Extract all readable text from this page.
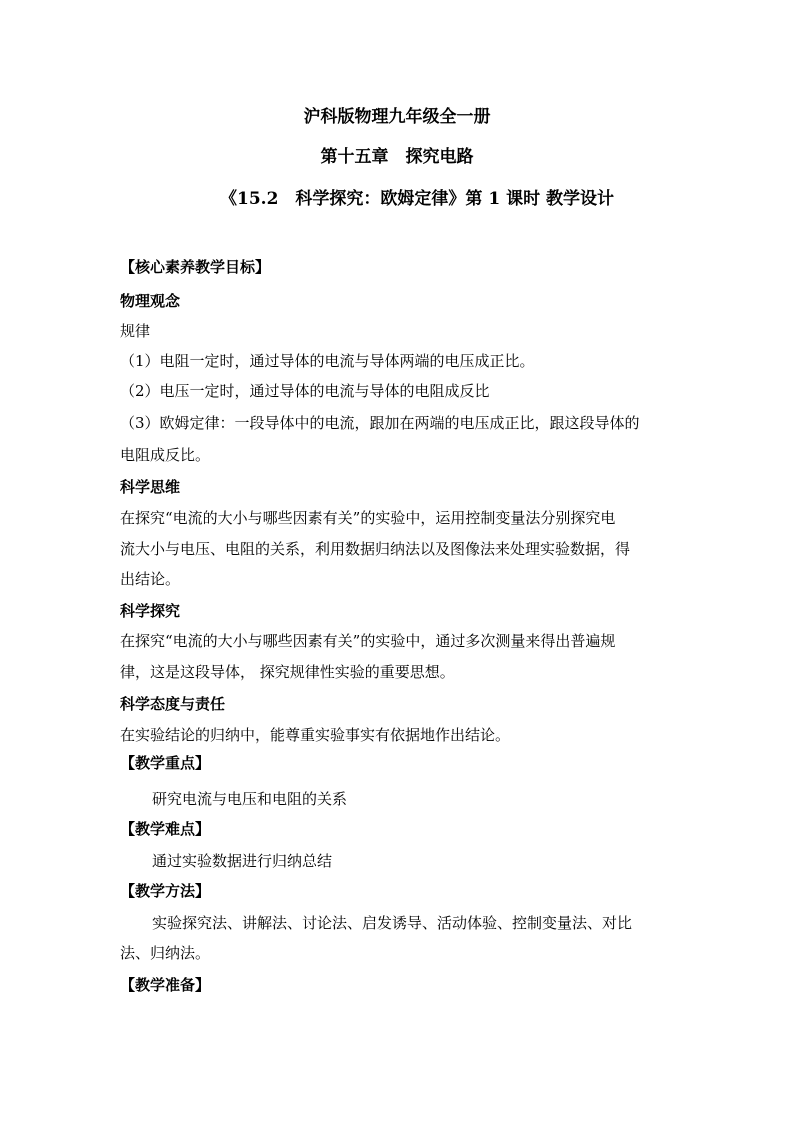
沪科版物理九年级全一册
第十五章　探究电路
《15.2　科学探究：欧姆定律》第 1 课时 教学设计
【核心素养教学目标】
物理观念
规律
（1）电阻一定时，通过导体的电流与导体两端的电压成正比。
（2）电压一定时，通过导体的电流与导体的电阻成反比
（3）欧姆定律：一段导体中的电流，跟加在两端的电压成正比，跟这段导体的
电阻成反比。
科学思维
在探究“电流的大小与哪些因素有关”的实验中，运用控制变量法分别探究电
流大小与电压、电阻的关系，利用数据归纳法以及图像法来处理实验数据，得
出结论。
科学探究
在探究“电流的大小与哪些因素有关”的实验中，通过多次测量来得出普遍规
律，这是这段导体， 探究规律性实验的重要思想。
科学态度与责任
在实验结论的归纳中，能尊重实验事实有依据地作出结论。
【教学重点】
研究电流与电压和电阻的关系
【教学难点】
通过实验数据进行归纳总结
【教学方法】
实验探究法、讲解法、讨论法、启发诱导、活动体验、控制变量法、对比
法、归纳法。
【教学准备】
